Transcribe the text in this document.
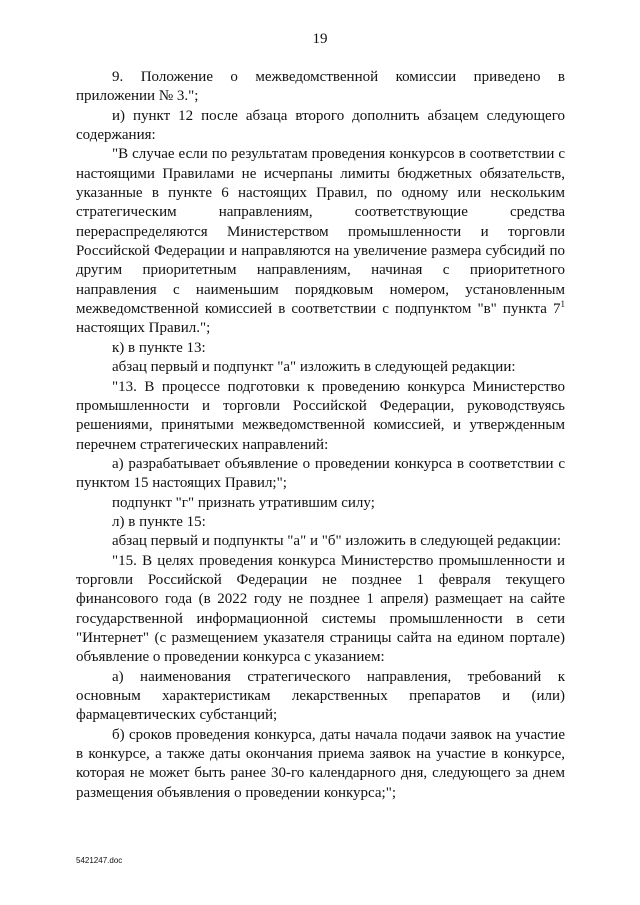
19

9. Положение о межведомственной комиссии приведено в приложении № 3.";

и) пункт 12 после абзаца второго дополнить абзацем следующего содержания:

"В случае если по результатам проведения конкурсов в соответствии с настоящими Правилами не исчерпаны лимиты бюджетных обязательств, указанные в пункте 6 настоящих Правил, по одному или нескольким стратегическим направлениям, соответствующие средства перераспределяются Министерством промышленности и торговли Российской Федерации и направляются на увеличение размера субсидий по другим приоритетным направлениям, начиная с приоритетного направления с наименьшим порядковым номером, установленным межведомственной комиссией в соответствии с подпунктом "в" пункта $7^1$ настоящих Правил.";

к) в пункте 13:

абзац первый и подпункт "а" изложить в следующей редакции:

"13. В процессе подготовки к проведению конкурса Министерство промышленности и торговли Российской Федерации, руководствуясь решениями, принятыми межведомственной комиссией, и утвержденным перечнем стратегических направлений:

а) разрабатывает объявление о проведении конкурса в соответствии с пунктом 15 настоящих Правил;";

подпункт "г" признать утратившим силу;

л) в пункте 15:

абзац первый и подпункты "а" и "б" изложить в следующей редакции:

"15. В целях проведения конкурса Министерство промышленности и торговли Российской Федерации не позднее 1 февраля текущего финансового года (в 2022 году не позднее 1 апреля) размещает на сайте государственной информационной системы промышленности в сети "Интернет" (с размещением указателя страницы сайта на едином портале) объявление о проведении конкурса с указанием:

а) наименования стратегического направления, требований к основным характеристикам лекарственных препаратов и (или) фармацевтических субстанций;

б) сроков проведения конкурса, даты начала подачи заявок на участие в конкурсе, а также даты окончания приема заявок на участие в конкурсе, которая не может быть ранее 30-го календарного дня, следующего за днем размещения объявления о проведении конкурса;";

5421247.doc
